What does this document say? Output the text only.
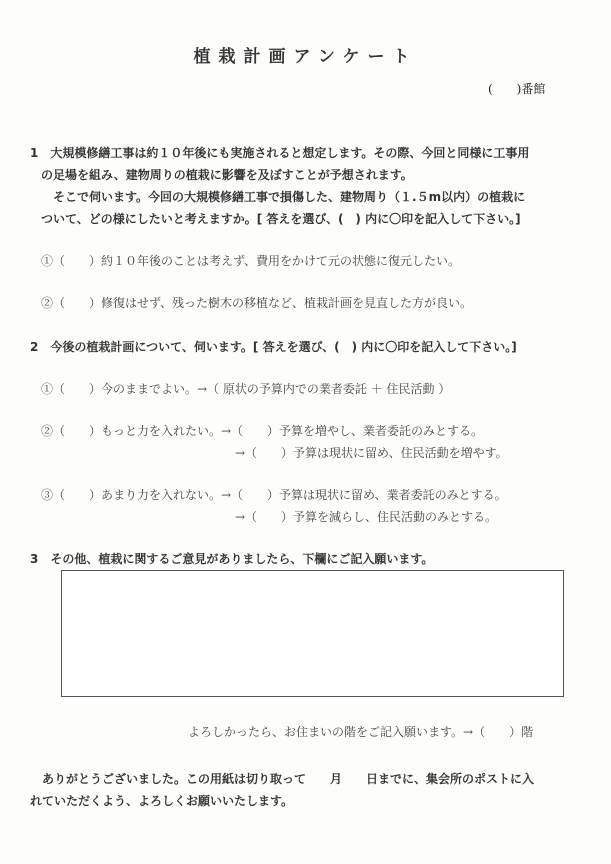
植栽計画アンケート
(　　)番館
1　大規模修繕工事は約１０年後にも実施されると想定します。その際、今回と同様に工事用
の足場を組み、建物周りの植栽に影響を及ぼすことが予想されます。
　そこで伺います。今回の大規模修繕工事で損傷した、建物周り（１.５m以内）の植栽に
ついて、どの様にしたいと考えますか。[ 答えを選び、(　) 内に〇印を記入して下さい。]
①（　　）約１０年後のことは考えず、費用をかけて元の状態に復元したい。
②（　　）修復はせず、残った樹木の移植など、植栽計画を見直した方が良い。
2　今後の植栽計画について、伺います。[ 答えを選び、(　) 内に〇印を記入して下さい。]
①（　　）今のままでよい。→（ 原状の予算内での業者委託 ＋ 住民活動 ）
②（　　）もっと力を入れたい。→（　　）予算を増やし、業者委託のみとする。
→（　　）予算は現状に留め、住民活動を増やす。
③（　　）あまり力を入れない。→（　　）予算は現状に留め、業者委託のみとする。
→（　　）予算を減らし、住民活動のみとする。
3　その他、植栽に関するご意見がありましたら、下欄にご記入願います。
よろしかったら、お住まいの階をご記入願います。→（　　）階
　ありがとうございました。この用紙は切り取って　　月　　日までに、集会所のポストに入
れていただくよう、よろしくお願いいたします。
